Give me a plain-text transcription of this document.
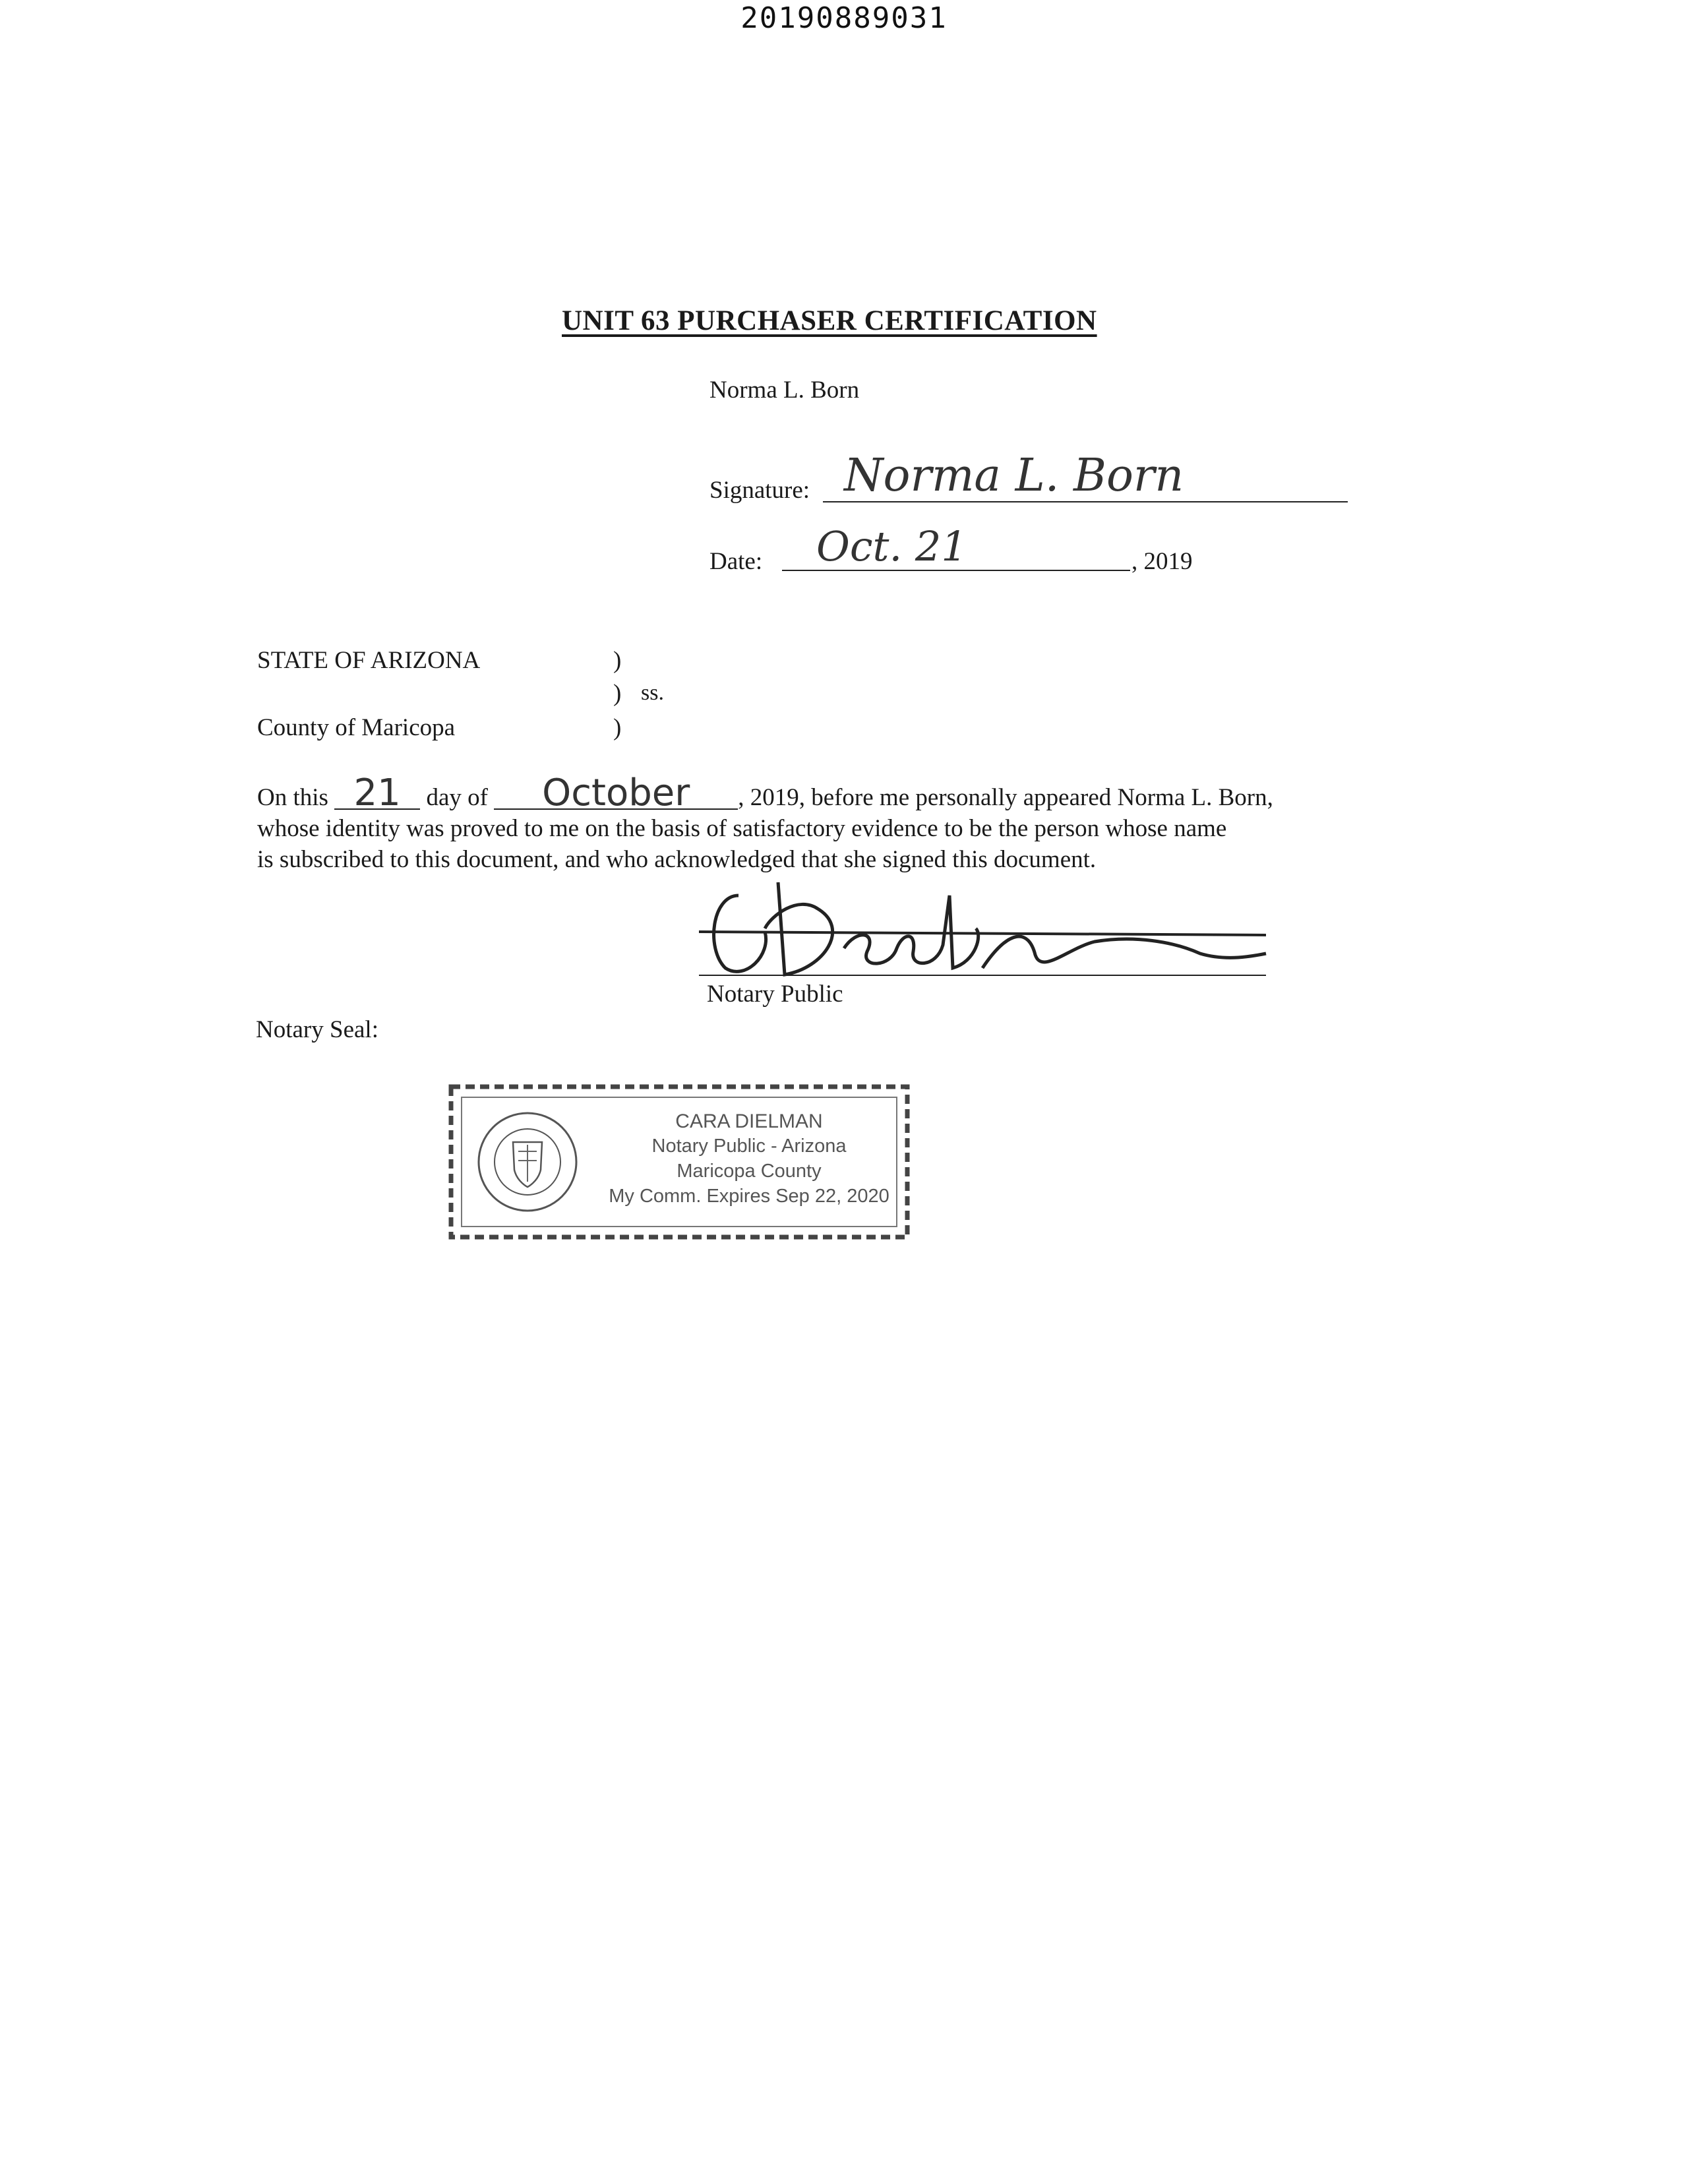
20190889031
UNIT 63 PURCHASER CERTIFICATION
Norma L. Born
Signature: Norma L. Born
Date: Oct. 21	, 2019
STATE OF ARIZONA	)
) ss.
County of Maricopa	)
On this 21 day of October , 2019, before me personally appeared Norma L. Born,
whose identity was proved to me on the basis of satisfactory evidence to be the person whose name
is subscribed to this document, and who acknowledged that she signed this document.
Notary Public
Notary Seal:
CARA DIELMAN
Notary Public - Arizona
Maricopa County
My Comm. Expires Sep 22, 2020
